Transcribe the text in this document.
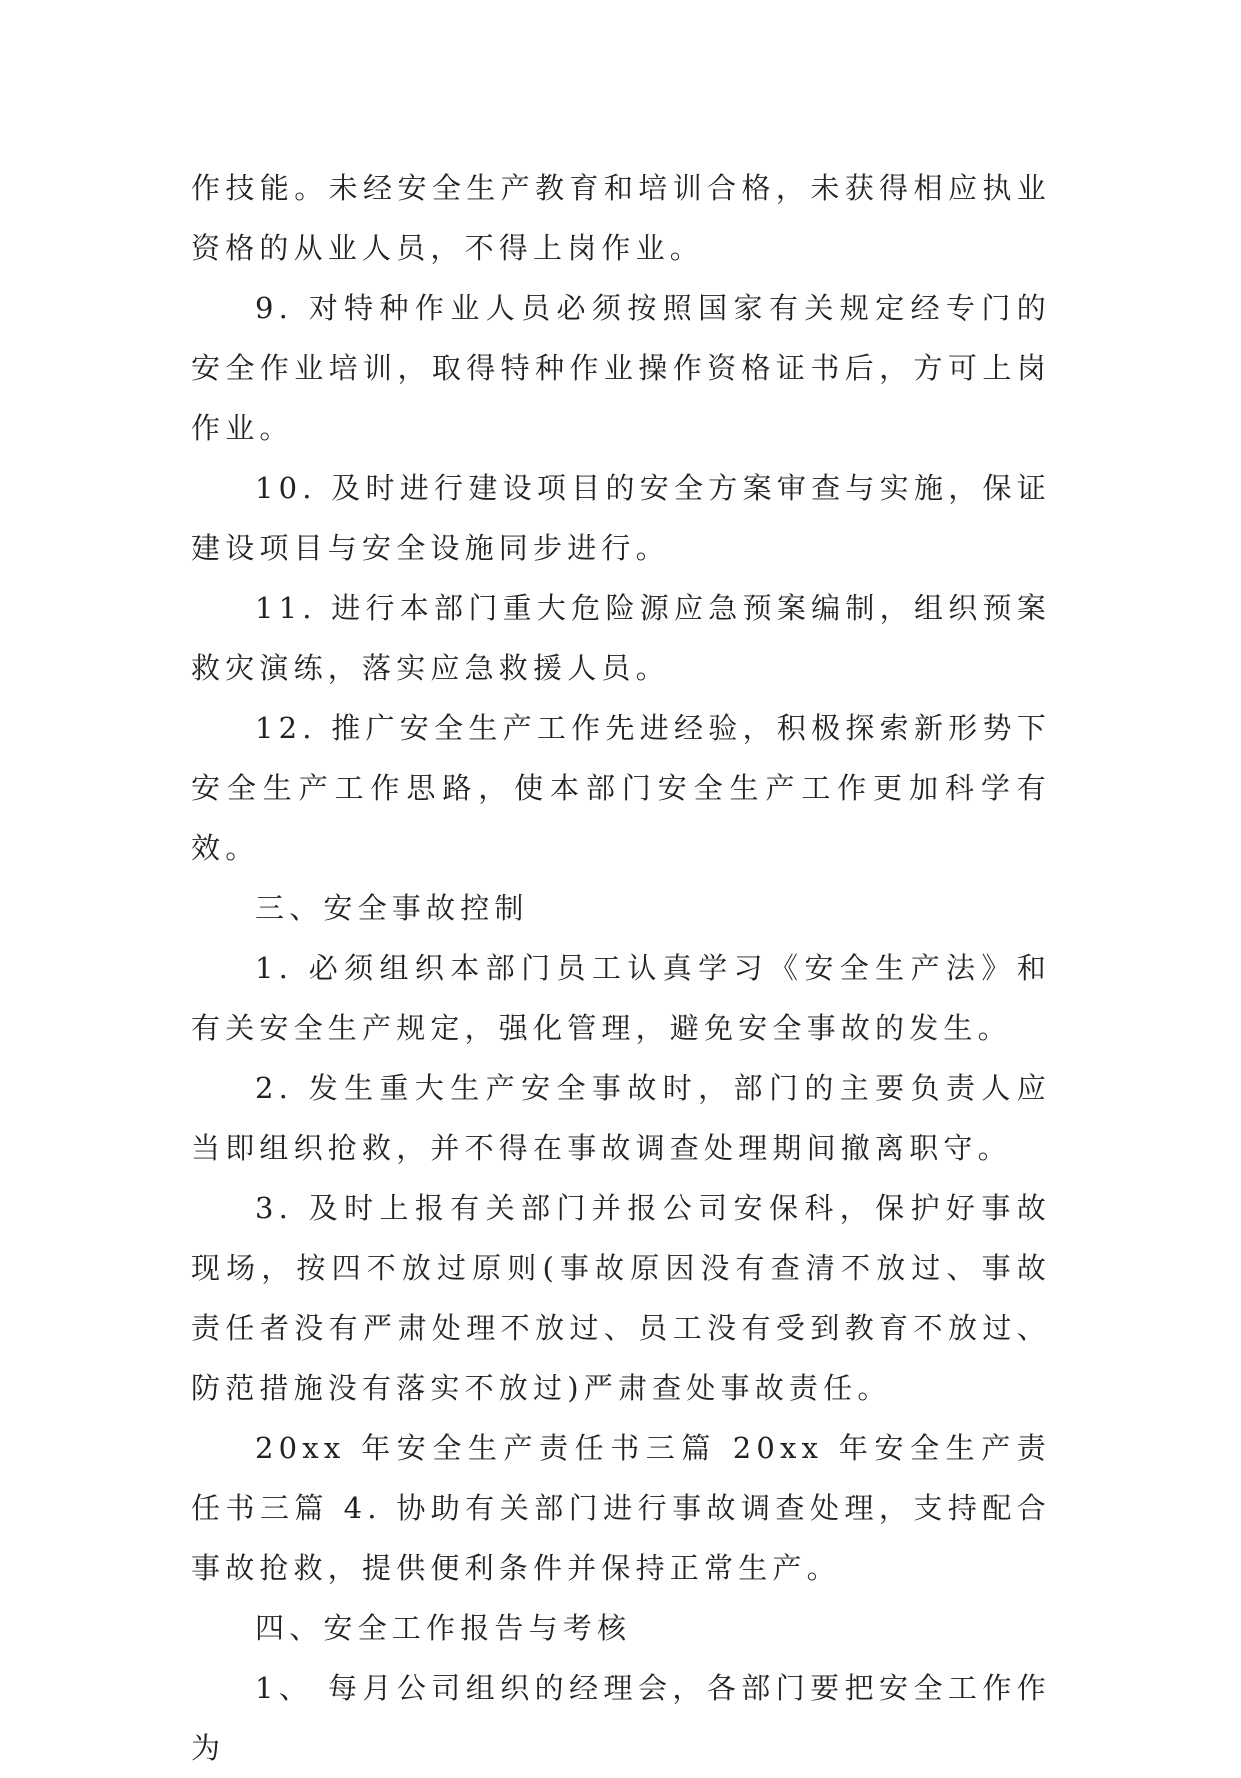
作技能。未经安全生产教育和培训合格，未获得相应执业资格的从业人员，不得上岗作业。

9. 对特种作业人员必须按照国家有关规定经专门的安全作业培训，取得特种作业操作资格证书后，方可上岗作业。

10. 及时进行建设项目的安全方案审查与实施，保证建设项目与安全设施同步进行。

11. 进行本部门重大危险源应急预案编制，组织预案救灾演练，落实应急救援人员。

12. 推广安全生产工作先进经验，积极探索新形势下安全生产工作思路，使本部门安全生产工作更加科学有效。

三、安全事故控制

1. 必须组织本部门员工认真学习《安全生产法》和有关安全生产规定，强化管理，避免安全事故的发生。

2. 发生重大生产安全事故时，部门的主要负责人应当即组织抢救，并不得在事故调查处理期间撤离职守。

3. 及时上报有关部门并报公司安保科，保护好事故现场，按四不放过原则(事故原因没有查清不放过、事故责任者没有严肃处理不放过、员工没有受到教育不放过、防范措施没有落实不放过)严肃查处事故责任。

20xx 年安全生产责任书三篇 20xx 年安全生产责任书三篇 4. 协助有关部门进行事故调查处理，支持配合事故抢救，提供便利条件并保持正常生产。

四、安全工作报告与考核

1、 每月公司组织的经理会，各部门要把安全工作作为
